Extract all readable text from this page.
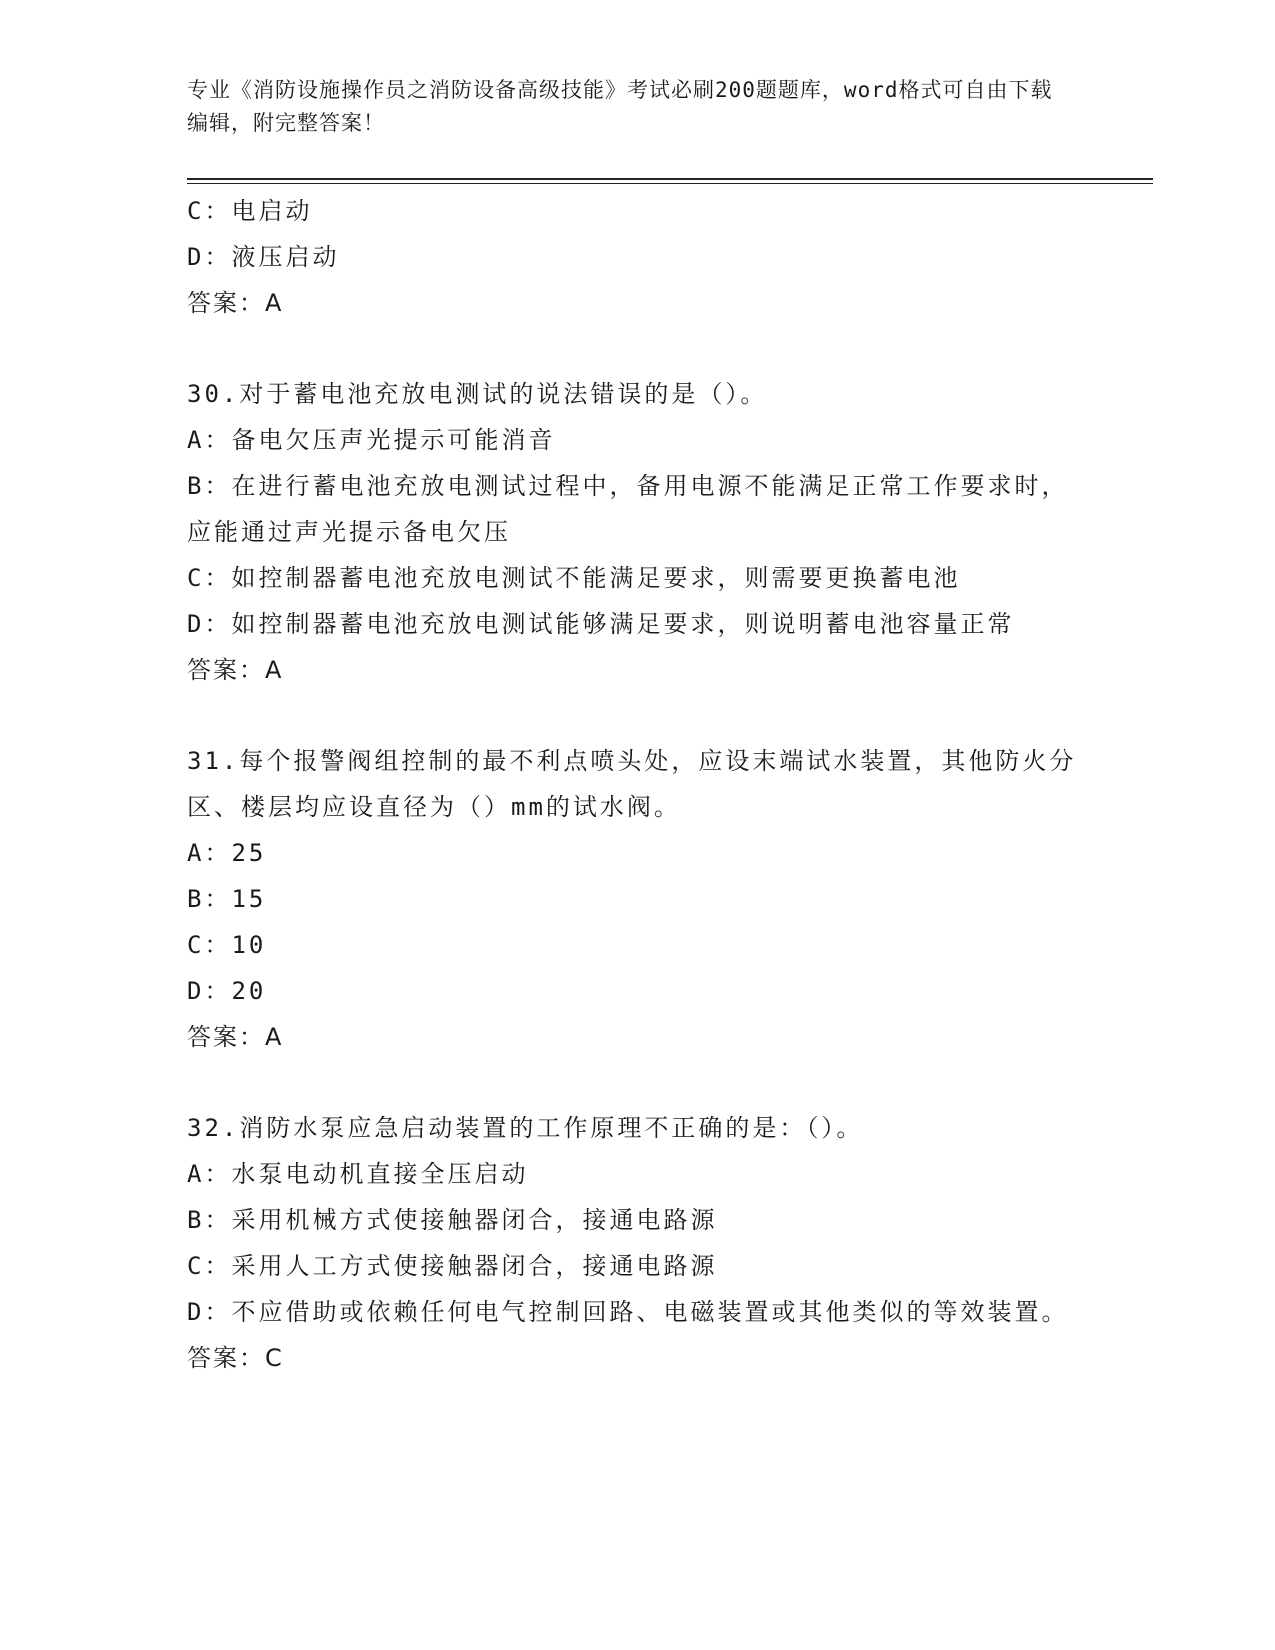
专业《消防设施操作员之消防设备高级技能》考试必刷200题题库，word格式可自由下载编辑，附完整答案！
C：电启动
D：液压启动
答案：A
30.对于蓄电池充放电测试的说法错误的是（）。
A：备电欠压声光提示可能消音
B：在进行蓄电池充放电测试过程中，备用电源不能满足正常工作要求时，应能通过声光提示备电欠压
C：如控制器蓄电池充放电测试不能满足要求，则需要更换蓄电池
D：如控制器蓄电池充放电测试能够满足要求，则说明蓄电池容量正常
答案：A
31.每个报警阀组控制的最不利点喷头处，应设末端试水装置，其他防火分区、楼层均应设直径为（）mm的试水阀。
A：25
B：15
C：10
D：20
答案：A
32.消防水泵应急启动装置的工作原理不正确的是：（）。
A：水泵电动机直接全压启动
B：采用机械方式使接触器闭合，接通电路源
C：采用人工方式使接触器闭合，接通电路源
D：不应借助或依赖任何电气控制回路、电磁装置或其他类似的等效装置。
答案：C
